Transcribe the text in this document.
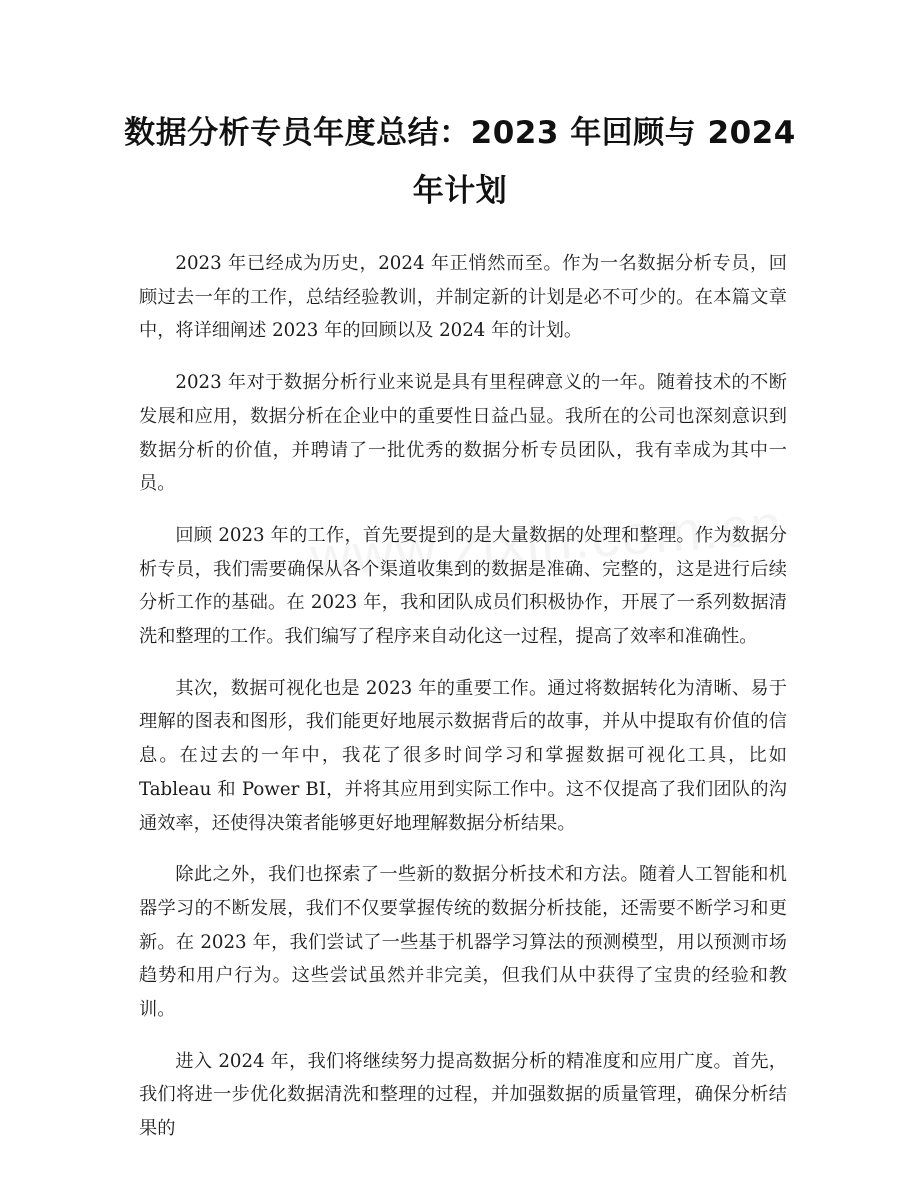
数据分析专员年度总结：2023 年回顾与 2024 年计划

2023 年已经成为历史，2024 年正悄然而至。作为一名数据分析专员，回顾过去一年的工作，总结经验教训，并制定新的计划是必不可少的。在本篇文章中，将详细阐述 2023 年的回顾以及 2024 年的计划。

2023 年对于数据分析行业来说是具有里程碑意义的一年。随着技术的不断发展和应用，数据分析在企业中的重要性日益凸显。我所在的公司也深刻意识到数据分析的价值，并聘请了一批优秀的数据分析专员团队，我有幸成为其中一员。

回顾 2023 年的工作，首先要提到的是大量数据的处理和整理。作为数据分析专员，我们需要确保从各个渠道收集到的数据是准确、完整的，这是进行后续分析工作的基础。在 2023 年，我和团队成员们积极协作，开展了一系列数据清洗和整理的工作。我们编写了程序来自动化这一过程，提高了效率和准确性。

其次，数据可视化也是 2023 年的重要工作。通过将数据转化为清晰、易于理解的图表和图形，我们能更好地展示数据背后的故事，并从中提取有价值的信息。在过去的一年中，我花了很多时间学习和掌握数据可视化工具，比如 Tableau 和 Power BI，并将其应用到实际工作中。这不仅提高了我们团队的沟通效率，还使得决策者能够更好地理解数据分析结果。

除此之外，我们也探索了一些新的数据分析技术和方法。随着人工智能和机器学习的不断发展，我们不仅要掌握传统的数据分析技能，还需要不断学习和更新。在 2023 年，我们尝试了一些基于机器学习算法的预测模型，用以预测市场趋势和用户行为。这些尝试虽然并非完美，但我们从中获得了宝贵的经验和教训。

进入 2024 年，我们将继续努力提高数据分析的精准度和应用广度。首先，我们将进一步优化数据清洗和整理的过程，并加强数据的质量管理，确保分析结果的
